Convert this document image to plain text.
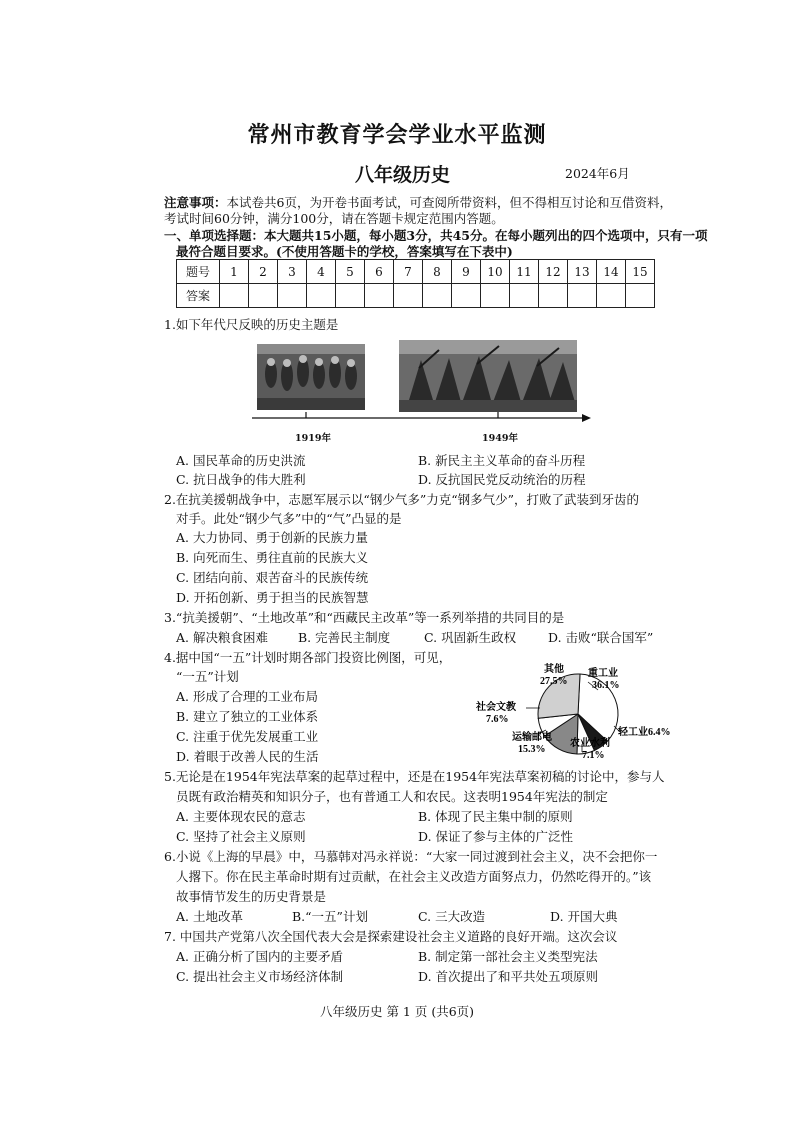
常州市教育学会学业水平监测
八年级历史	2024年6月
注意事项：本试卷共6页，为开卷书面考试，可查阅所带资料，但不得相互讨论和互借资料，
考试时间60分钟，满分100分，请在答题卡规定范围内答题。
一、单项选择题：本大题共15小题，每小题3分，共45分。在每小题列出的四个选项中，只有一项
最符合题目要求。(不使用答题卡的学校，答案填写在下表中)
题号	1	2	3	4	5	6	7	8	9	10	11	12	13	14	15
答案															
1.如下年代尺反映的历史主题是
1919年	1949年
A. 国民革命的历史洪流	B. 新民主主义革命的奋斗历程
C. 抗日战争的伟大胜利	D. 反抗国民党反动统治的历程
2.在抗美援朝战争中，志愿军展示以“钢少气多”力克“钢多气少”，打败了武装到牙齿的
对手。此处“钢少气多”中的“气”凸显的是
A. 大力协同、勇于创新的民族力量
B. 向死而生、勇往直前的民族大义
C. 团结向前、艰苦奋斗的民族传统
D. 开拓创新、勇于担当的民族智慧
3.“抗美援朝”、“土地改革”和“西藏民主改革”等一系列举措的共同目的是
A. 解决粮食困难 B. 完善民主制度	C. 巩固新生政权	D. 击败“联合国军”
4.据中国“一五”计划时期各部门投资比例图，可见，
“一五”计划
A. 形成了合理的工业布局
B. 建立了独立的工业体系
C. 注重于优先发展重工业
D. 着眼于改善人民的生活
重工业
36.1%
轻工业6.4%
农业水利
7.1%
运输邮电
15.3%
社会文教
7.6%
其他
27.5%
5.无论是在1954年宪法草案的起草过程中，还是在1954年宪法草案初稿的讨论中，参与人
员既有政治精英和知识分子，也有普通工人和农民。这表明1954年宪法的制定
A. 主要体现农民的意志	B. 体现了民主集中制的原则
C. 坚持了社会主义原则	D. 保证了参与主体的广泛性
6.小说《上海的早晨》中，马慕韩对冯永祥说：“大家一同过渡到社会主义，决不会把你一
人撂下。你在民主革命时期有过贡献，在社会主义改造方面努点力，仍然吃得开的。”该
故事情节发生的历史背景是
A. 土地改革	B.“一五”计划	C. 三大改造	D. 开国大典
7. 中国共产党第八次全国代表大会是探索建设社会主义道路的良好开端。这次会议
A. 正确分析了国内的主要矛盾	B. 制定第一部社会主义类型宪法
C. 提出社会主义市场经济体制	D. 首次提出了和平共处五项原则
八年级历史 第 1 页 (共6页)
